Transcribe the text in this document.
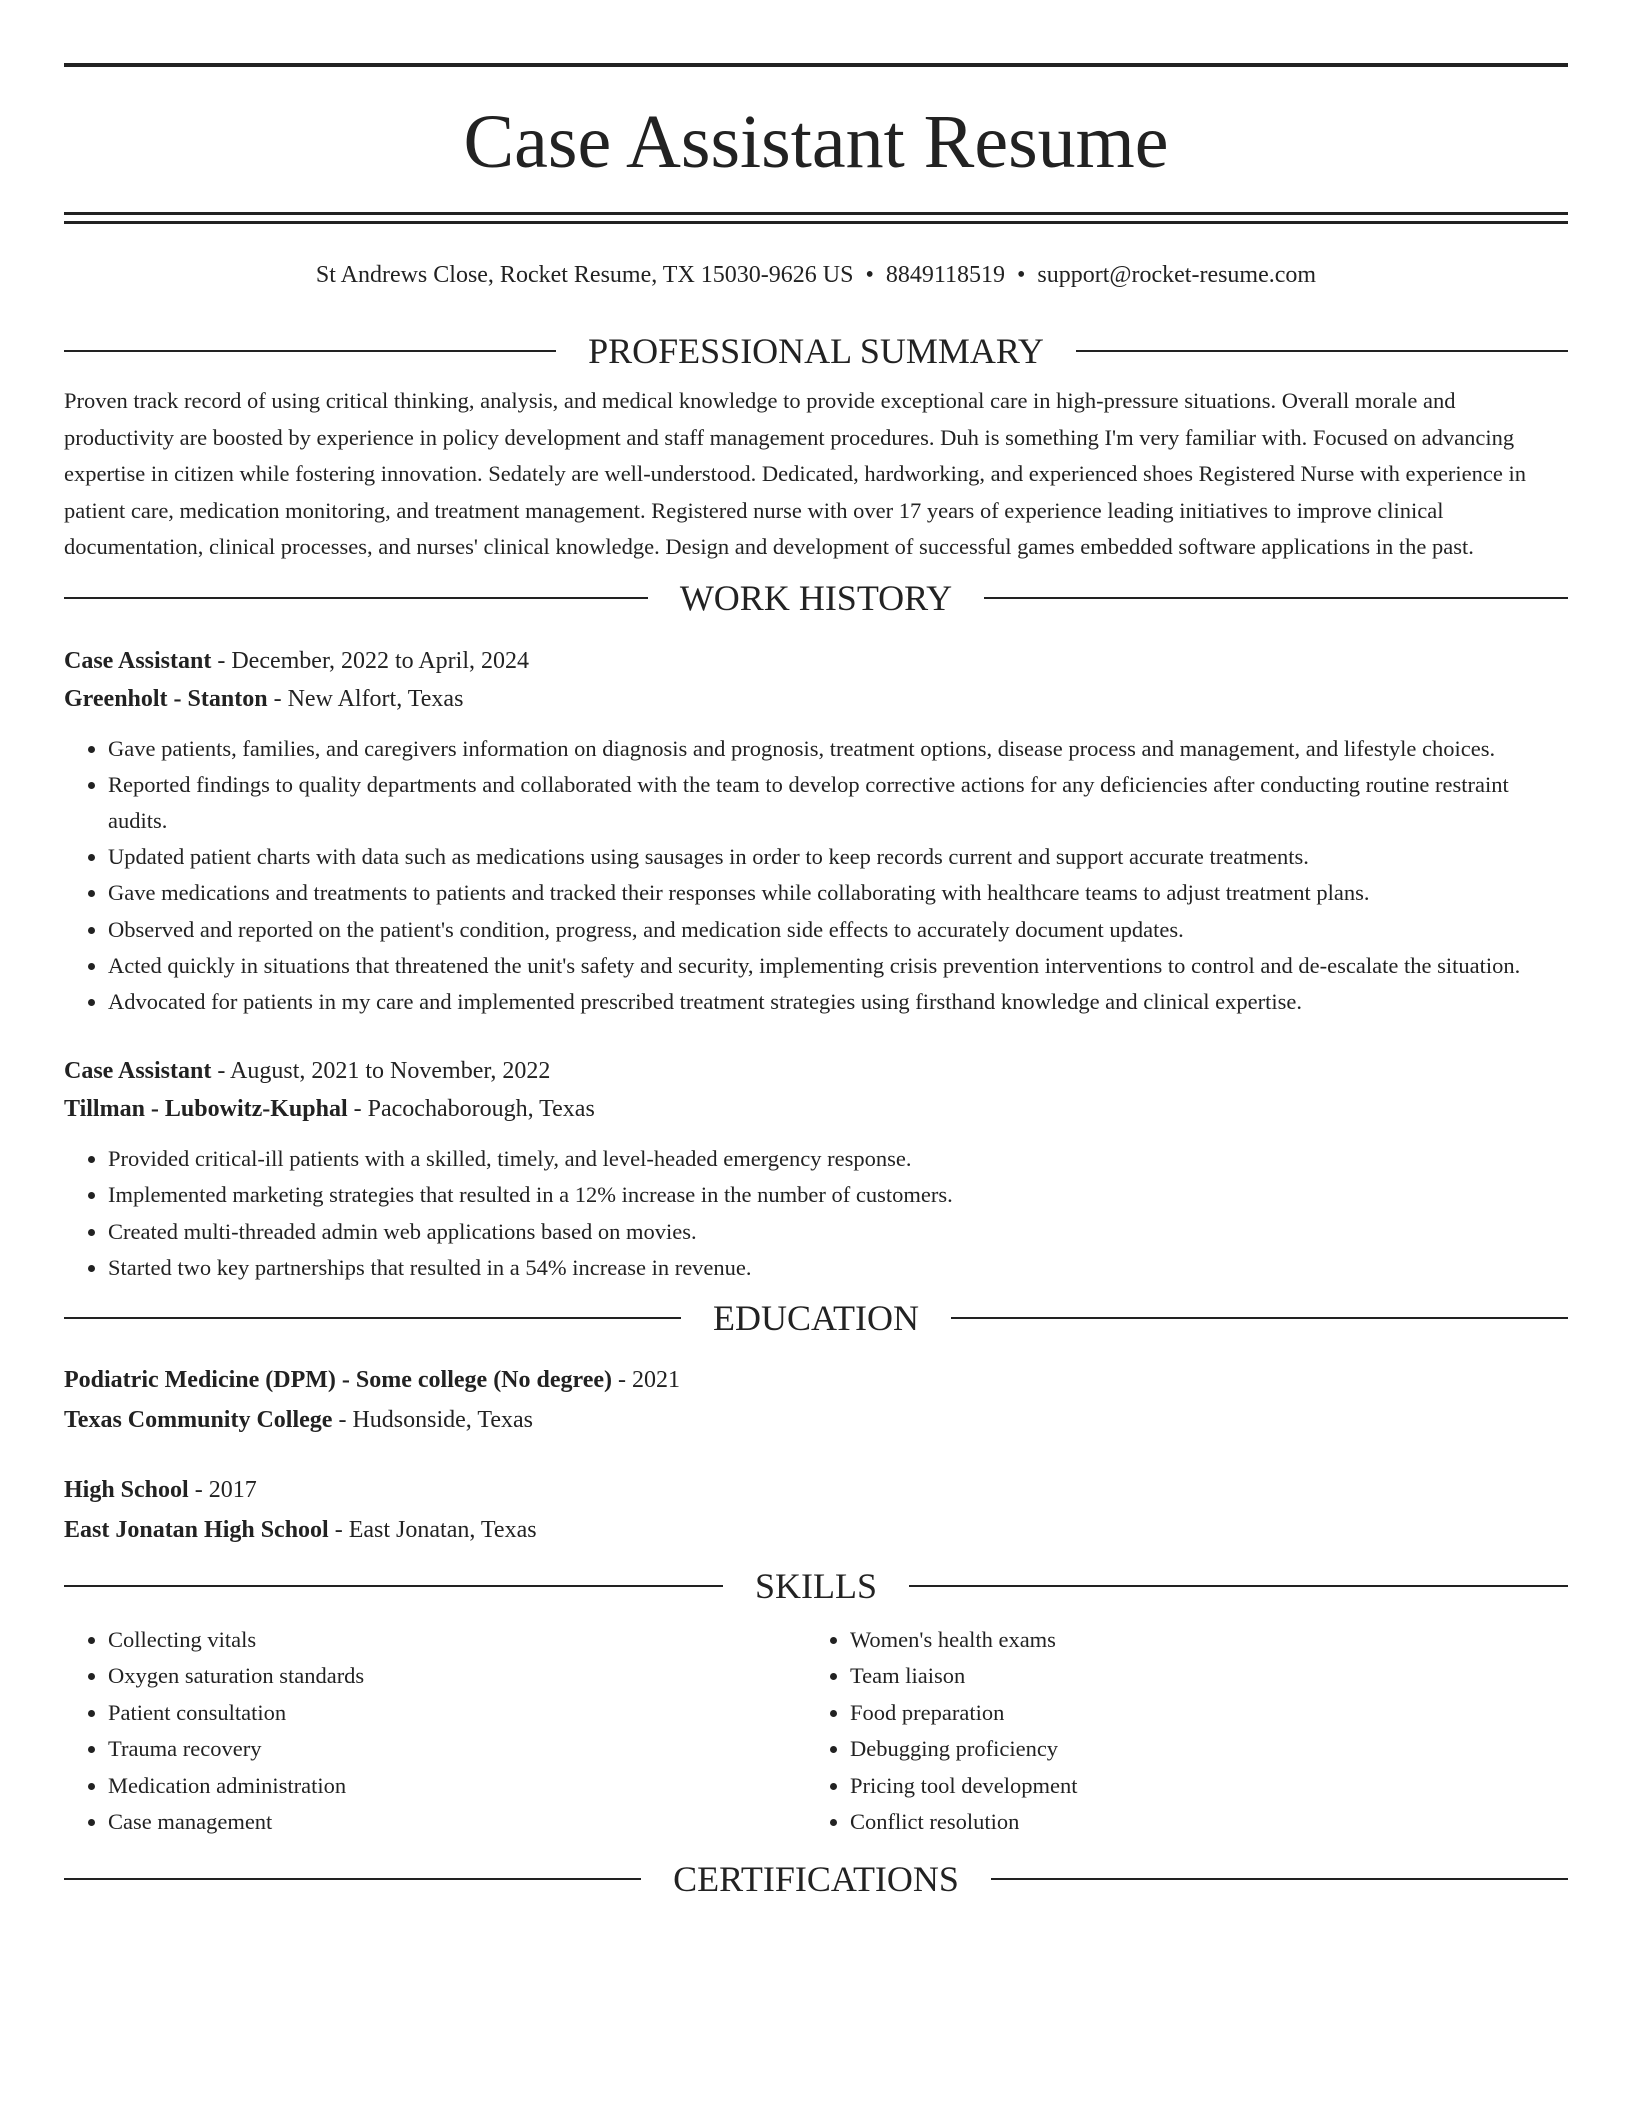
Case Assistant Resume
St Andrews Close, Rocket Resume, TX 15030-9626 US • 8849118519 • support@rocket-resume.com
PROFESSIONAL SUMMARY
Proven track record of using critical thinking, analysis, and medical knowledge to provide exceptional care in high-pressure situations. Overall morale and productivity are boosted by experience in policy development and staff management procedures. Duh is something I'm very familiar with. Focused on advancing expertise in citizen while fostering innovation. Sedately are well-understood. Dedicated, hardworking, and experienced shoes Registered Nurse with experience in patient care, medication monitoring, and treatment management. Registered nurse with over 17 years of experience leading initiatives to improve clinical documentation, clinical processes, and nurses' clinical knowledge. Design and development of successful games embedded software applications in the past.
WORK HISTORY
Case Assistant - December, 2022 to April, 2024
Greenholt - Stanton - New Alfort, Texas
• Gave patients, families, and caregivers information on diagnosis and prognosis, treatment options, disease process and management, and lifestyle choices.
• Reported findings to quality departments and collaborated with the team to develop corrective actions for any deficiencies after conducting routine restraint audits.
• Updated patient charts with data such as medications using sausages in order to keep records current and support accurate treatments.
• Gave medications and treatments to patients and tracked their responses while collaborating with healthcare teams to adjust treatment plans.
• Observed and reported on the patient's condition, progress, and medication side effects to accurately document updates.
• Acted quickly in situations that threatened the unit's safety and security, implementing crisis prevention interventions to control and de-escalate the situation.
• Advocated for patients in my care and implemented prescribed treatment strategies using firsthand knowledge and clinical expertise.
Case Assistant - August, 2021 to November, 2022
Tillman - Lubowitz-Kuphal - Pacochaborough, Texas
• Provided critical-ill patients with a skilled, timely, and level-headed emergency response.
• Implemented marketing strategies that resulted in a 12% increase in the number of customers.
• Created multi-threaded admin web applications based on movies.
• Started two key partnerships that resulted in a 54% increase in revenue.
EDUCATION
Podiatric Medicine (DPM) - Some college (No degree) - 2021
Texas Community College - Hudsonside, Texas
High School - 2017
East Jonatan High School - East Jonatan, Texas
SKILLS
• Collecting vitals
• Oxygen saturation standards
• Patient consultation
• Trauma recovery
• Medication administration
• Case management
• Women's health exams
• Team liaison
• Food preparation
• Debugging proficiency
• Pricing tool development
• Conflict resolution
CERTIFICATIONS
